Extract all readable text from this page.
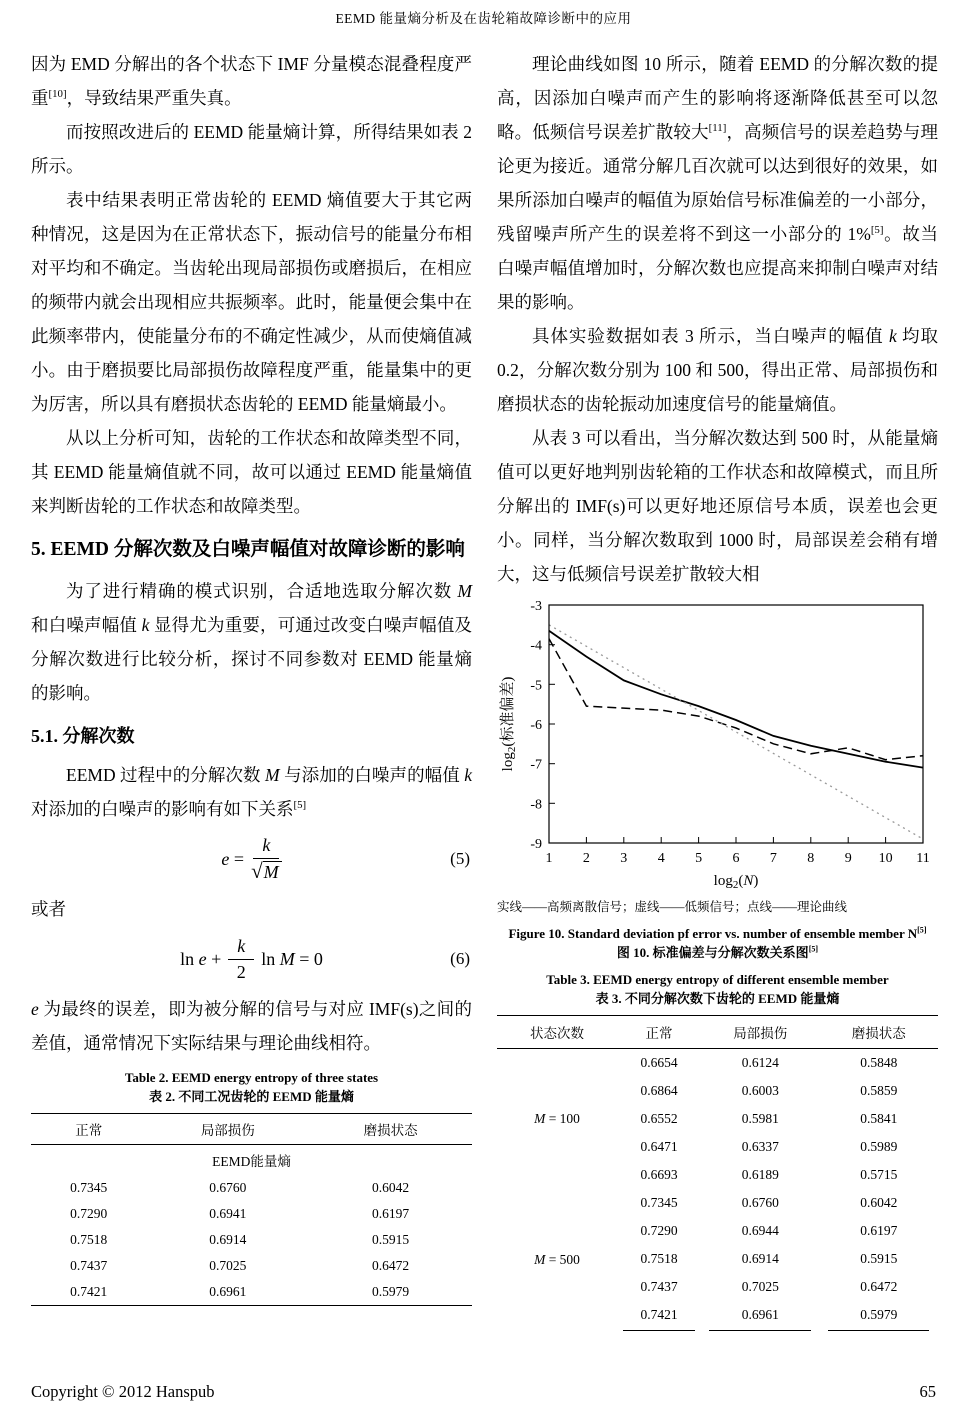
EEMD 能量熵分析及在齿轮箱故障诊断中的应用

因为 EMD 分解出的各个状态下 IMF 分量模态混叠程度严重[10]，导致结果严重失真。

而按照改进后的 EEMD 能量熵计算，所得结果如表 2 所示。

表中结果表明正常齿轮的 EEMD 熵值要大于其它两种情况，这是因为在正常状态下，振动信号的能量分布相对平均和不确定。当齿轮出现局部损伤或磨损后，在相应的频带内就会出现相应共振频率。此时，能量便会集中在此频率带内，使能量分布的不确定性减少，从而使熵值减小。由于磨损要比局部损伤故障程度严重，能量集中的更为厉害，所以具有磨损状态齿轮的 EEMD 能量熵最小。

从以上分析可知，齿轮的工作状态和故障类型不同，其 EEMD 能量熵值就不同，故可以通过 EEMD 能量熵值来判断齿轮的工作状态和故障类型。

5. EEMD 分解次数及白噪声幅值对故障诊断的影响

为了进行精确的模式识别，合适地选取分解次数 M 和白噪声幅值 k 显得尤为重要，可通过改变白噪声幅值及分解次数进行比较分析，探讨不同参数对 EEMD 能量熵的影响。

5.1. 分解次数

EEMD 过程中的分解次数 M 与添加的白噪声的幅值 k 对添加的白噪声的影响有如下关系[5]

$e = \frac{k}{√ M}$	(5)

或者

$\ln e + \frac{k}{2}$ ln M = 0	(6)

e 为最终的误差，即为被分解的信号与对应 IMF(s)之间的差值，通常情况下实际结果与理论曲线相符。

Table 2. EEMD energy entropy of three states
表 2. 不同工况齿轮的 EEMD 能量熵
正常	局部损伤	磨损状态
EEMD能量熵		
0.7345	0.6760	0.6042
0.7290	0.6941	0.6197
0.7518	0.6914	0.5915
0.7437	0.7025	0.6472
0.7421	0.6961	0.5979

理论曲线如图 10 所示，随着 EEMD 的分解次数的提高，因添加白噪声而产生的影响将逐渐降低甚至可以忽略。低频信号误差扩散较大[11]，高频信号的误差趋势与理论更为接近。通常分解几百次就可以达到很好的效果，如果所添加白噪声的幅值为原始信号标准偏差的一小部分，残留噪声所产生的误差将不到这一小部分的 1%[5]。故当白噪声幅值增加时，分解次数也应提高来抑制白噪声对结果的影响。

具体实验数据如表 3 所示，当白噪声的幅值 k 均取 0.2，分解次数分别为 100 和 500，得出正常、局部损伤和磨损状态的齿轮振动加速度信号的能量熵值。

从表 3 可以看出，当分解次数达到 500 时，从能量熵值可以更好地判别齿轮箱的工作状态和故障模式，而且所分解出的 IMF(s)可以更好地还原信号本质，误差也会更小。同样，当分解次数取到 1000 时，局部误差会稍有增大，这与低频信号误差扩散较大相

-3
-4
-5
-6
-7
-8
-9
1 2 3 4 5 6 7 8 9 10 11
$\log_2$(标准偏差)
$\log_2(N)$
实线——高频离散信号；虚线——低频信号；点线——理论曲线
Figure 10. Standard deviation pf error vs. number of ensemble member N[5]
图 10. 标准偏差与分解次数关系图[5]
Table 3. EEMD energy entropy of different ensemble member
表 3. 不同分解次数下齿轮的 EEMD 能量熵
状态次数	正常	局部损伤	磨损状态
M = 100	0.6654	0.6124	0.5848
	0.6864	0.6003	0.5859
	0.6552	0.5981	0.5841
	0.6471	0.6337	0.5989
	0.6693	0.6189	0.5715
M = 500	0.7345	0.6760	0.6042
	0.7290	0.6944	0.6197
	0.7518	0.6914	0.5915
	0.7437	0.7025	0.6472
	0.7421	0.6961	0.5979
Copyright © 2012 Hanspub	65
